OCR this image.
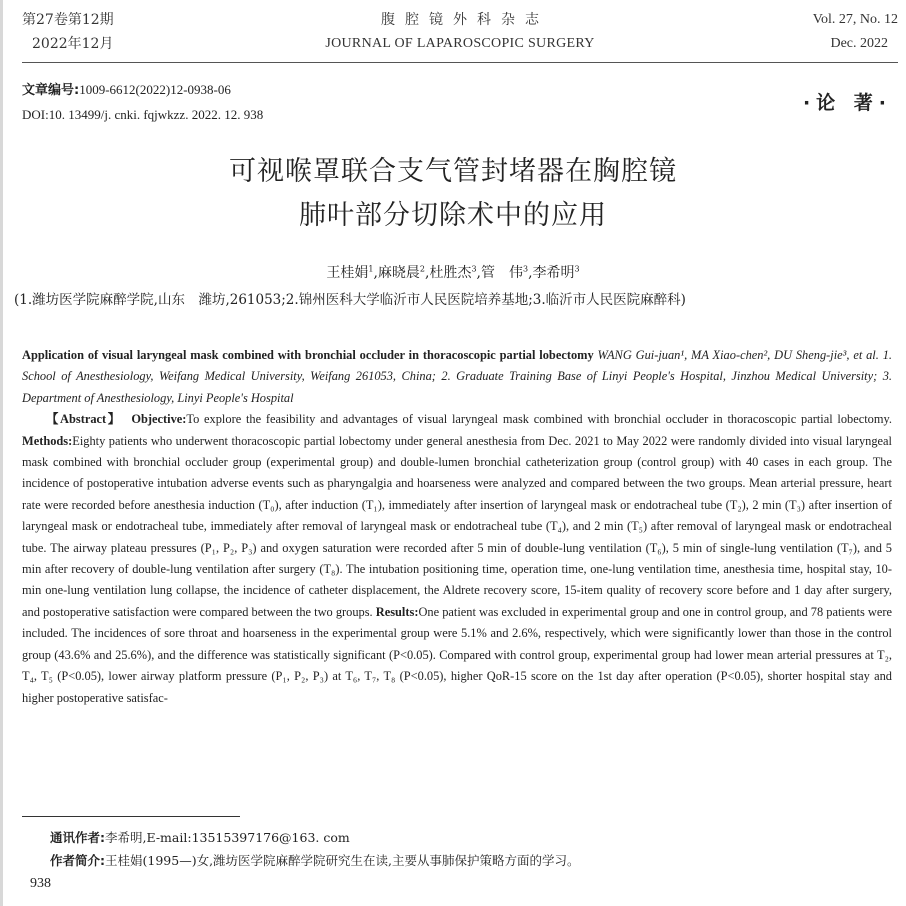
第27卷第12期
2022年12月
腹腔镜外科杂志
JOURNAL OF LAPAROSCOPIC SURGERY
Vol. 27, No. 12
Dec. 2022
文章编号:1009-6612(2022)12-0938-06
DOI:10. 13499/j. cnki. fqjwkzz. 2022. 12. 938
·论 著·
可视喉罩联合支气管封堵器在胸腔镜
肺叶部分切除术中的应用
王桂娟$^1$,麻晓晨$^2$,杜胜杰$^3$,管　伟$^3$,李希明$^3$
(1.潍坊医学院麻醉学院,山东　潍坊,261053;2.锦州医科大学临沂市人民医院培养基地;3.临沂市人民医院麻醉科)

Application of visual laryngeal mask combined with bronchial occluder in thoracoscopic partial lobectomy WANG Gui-juan¹, MA Xiao-chen², DU Sheng-jie³, et al. 1. School of Anesthesiology, Weifang Medical University, Weifang 261053, China; 2. Graduate Training Base of Linyi People's Hospital, Jinzhou Medical University; 3. Department of Anesthesiology, Linyi People's Hospital

【Abstract】 Objective:To explore the feasibility and advantages of visual laryngeal mask combined with bronchial occluder in thoracoscopic partial lobectomy. Methods:Eighty patients who underwent thoracoscopic partial lobectomy under general anesthesia from Dec. 2021 to May 2022 were randomly divided into visual laryngeal mask combined with bronchial occluder group (experimental group) and double-lumen bronchial catheterization group (control group) with 40 cases in each group. The incidence of postoperative intubation adverse events such as pharyngalgia and hoarseness were analyzed and compared between the two groups. Mean arterial pressure, heart rate were recorded before anesthesia induction (T₀), after induction (T₁), immediately after insertion of laryngeal mask or endotracheal tube (T₂), 2 min (T₃) after insertion of laryngeal mask or endotracheal tube, immediately after removal of laryngeal mask or endotracheal tube (T₄), and 2 min (T₅) after removal of laryngeal mask or endotracheal tube. The airway plateau pressures (P₁, P₂, P₃) and oxygen saturation were recorded after 5 min of double-lung ventilation (T₆), 5 min of single-lung ventilation (T₇), and 5 min after recovery of double-lung ventilation after surgery (T₈). The intubation positioning time, operation time, one-lung ventilation time, anesthesia time, hospital stay, 10-min one-lung ventilation lung collapse, the incidence of catheter displacement, the Aldrete recovery score, 15-item quality of recovery score before and 1 day after surgery, and postoperative satisfaction were compared between the two groups. Results:One patient was excluded in experimental group and one in control group, and 78 patients were included. The incidences of sore throat and hoarseness in the experimental group were 5.1% and 2.6%, respectively, which were significantly lower than those in the control group (43.6% and 25.6%), and the difference was statistically significant (P<0.05). Compared with control group, experimental group had lower mean arterial pressures at T₂, T₄, T₅ (P<0.05), lower airway platform pressure (P₁, P₂, P₃) at T₆, T₇, T₈ (P<0.05), higher QoR-15 score on the 1st day after operation (P<0.05), shorter hospital stay and higher postoperative satisfac-

通讯作者:李希明,E-mail:13515397176@163. com
作者简介:王桂娟(1995—)女,潍坊医学院麻醉学院研究生在读,主要从事肺保护策略方面的学习。
938
